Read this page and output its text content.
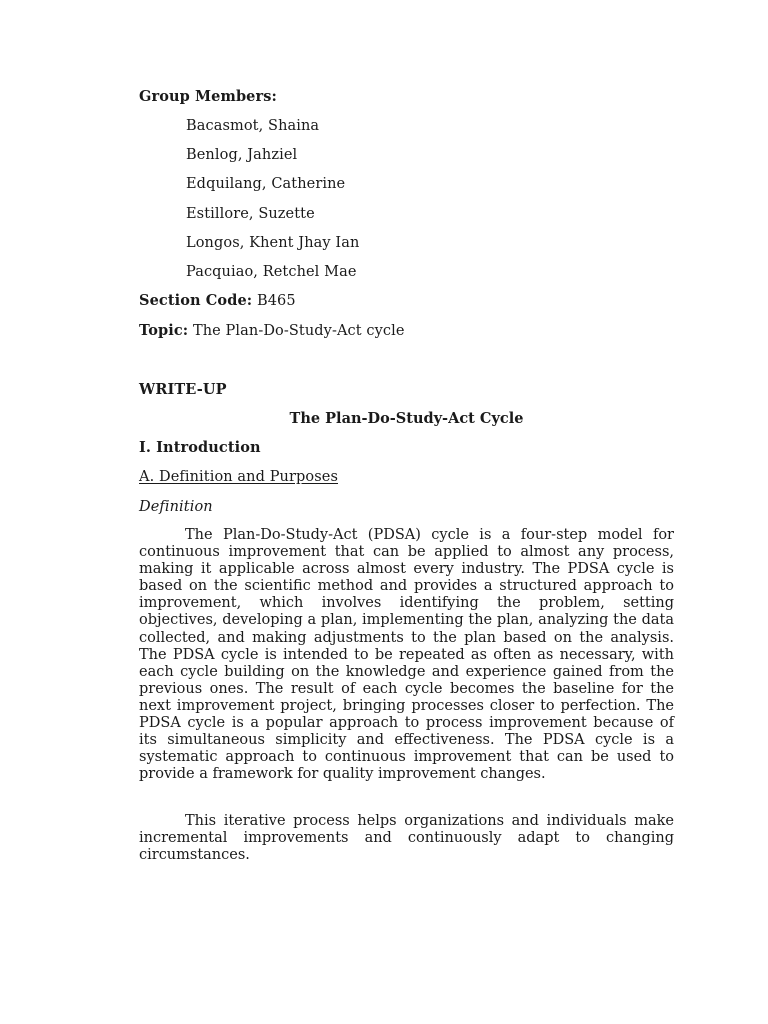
Group Members:
Bacasmot, Shaina
Benlog, Jahziel
Edquilang, Catherine
Estillore, Suzette
Longos, Khent Jhay Ian
Pacquiao, Retchel Mae
Section Code: B465
Topic: The Plan-Do-Study-Act cycle
WRITE-UP
The Plan-Do-Study-Act Cycle
I. Introduction
A. Definition and Purposes
Definition

The Plan-Do-Study-Act (PDSA) cycle is a four-step model for continuous improvement that can be applied to almost any process, making it applicable across almost every industry. The PDSA cycle is based on the scientific method and provides a structured approach to improvement, which involves identifying the problem, setting objectives, developing a plan, implementing the plan, analyzing the data collected, and making adjustments to the plan based on the analysis. The PDSA cycle is intended to be repeated as often as necessary, with each cycle building on the knowledge and experience gained from the previous ones. The result of each cycle becomes the baseline for the next improvement project, bringing processes closer to perfection. The PDSA cycle is a popular approach to process improvement because of its simultaneous simplicity and effectiveness. The PDSA cycle is a systematic approach to continuous improvement that can be used to provide a framework for quality improvement changes.

This iterative process helps organizations and individuals make incremental improvements and continuously adapt to changing circumstances.
